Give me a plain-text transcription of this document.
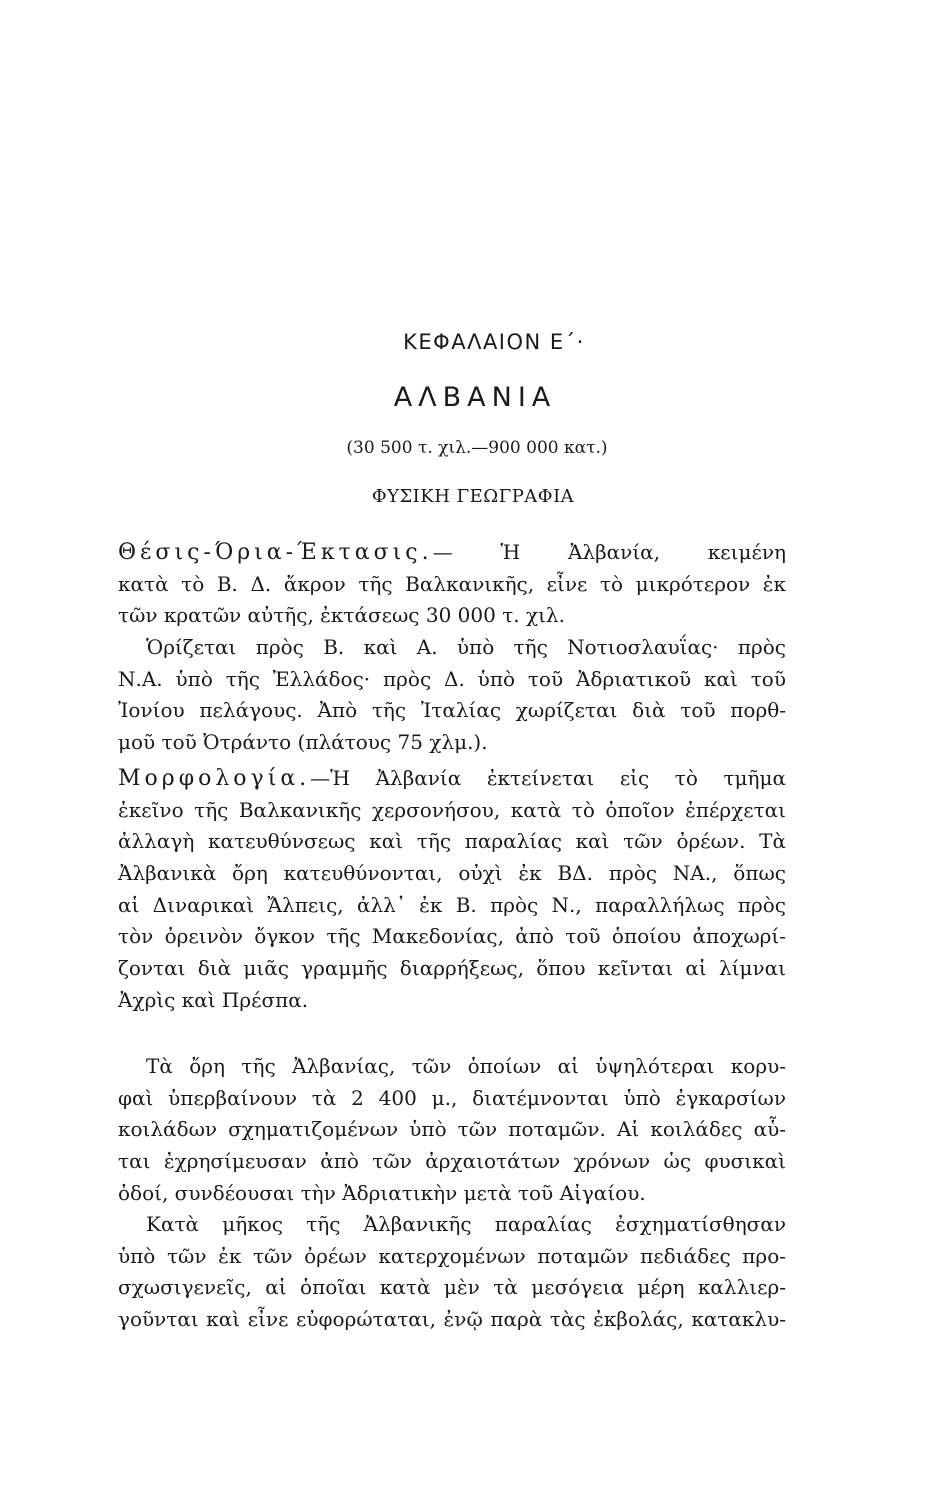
ΚΕΦΑΛΑΙΟΝ Ε΄·
ΑΛΒΑΝΙΑ
(30 500 τ. χιλ.—900 000 κατ.)
ΦΥΣΙΚΗ ΓΕΩΓΡΑΦΙΑ
Θέσις-Όρια-Έκτασις.— Ἡ Ἀλβανία, κειμένη
κατὰ τὸ Β. Δ. ἄκρον τῆς Βαλκανικῆς, εἶνε τὸ μικρότερον ἐκ
τῶν κρατῶν αὐτῆς, ἐκτάσεως 30 000 τ. χιλ.
Ὁρίζεται πρὸς Β. καὶ Α. ὑπὸ τῆς Νοτιοσλαυΐας· πρὸς
Ν.Α. ὑπὸ τῆς Ἑλλάδος· πρὸς Δ. ὑπὸ τοῦ Ἀδριατικοῦ καὶ τοῦ
Ἰονίου πελάγους. Ἀπὸ τῆς Ἰταλίας χωρίζεται διὰ τοῦ πορθ-
μοῦ τοῦ Ὀτράντο (πλάτους 75 χλμ.).
Μορφολογία.—Ἡ Ἀλβανία ἐκτείνεται εἰς τὸ τμῆμα
ἐκεῖνο τῆς Βαλκανικῆς χερσονήσου, κατὰ τὸ ὁποῖον ἐπέρχεται
ἀλλαγὴ κατευθύνσεως καὶ τῆς παραλίας καὶ τῶν ὀρέων. Τὰ
Ἀλβανικὰ ὄρη κατευθύνονται, οὐχὶ ἐκ ΒΔ. πρὸς ΝΑ., ὅπως
αἱ Διναρικαὶ Ἄλπεις, ἀλλ᾽ ἐκ Β. πρὸς Ν., παραλλήλως πρὸς
τὸν ὀρεινὸν ὄγκον τῆς Μακεδονίας, ἀπὸ τοῦ ὁποίου ἀποχωρί-
ζονται διὰ μιᾶς γραμμῆς διαρρήξεως, ὅπου κεῖνται αἱ λίμναι
Ἀχρὶς καὶ Πρέσπα.
Τὰ ὄρη τῆς Ἀλβανίας, τῶν ὁποίων αἱ ὑψηλότεραι κορυ-
φαὶ ὑπερβαίνουν τὰ 2 400 μ., διατέμνονται ὑπὸ ἐγκαρσίων
κοιλάδων σχηματιζομένων ὑπὸ τῶν ποταμῶν. Αἱ κοιλάδες αὗ-
ται ἐχρησίμευσαν ἀπὸ τῶν ἀρχαιοτάτων χρόνων ὡς φυσικαὶ
ὁδοί, συνδέουσαι τὴν Ἀδριατικὴν μετὰ τοῦ Αἰγαίου.
Κατὰ μῆκος τῆς Ἀλβανικῆς παραλίας ἐσχηματίσθησαν
ὑπὸ τῶν ἐκ τῶν ὀρέων κατερχομένων ποταμῶν πεδιάδες προ-
σχωσιγενεῖς, αἱ ὁποῖαι κατὰ μὲν τὰ μεσόγεια μέρη καλλιερ-
γοῦνται καὶ εἶνε εὐφορώταται, ἐνῷ παρὰ τὰς ἐκβολάς, κατακλυ-
